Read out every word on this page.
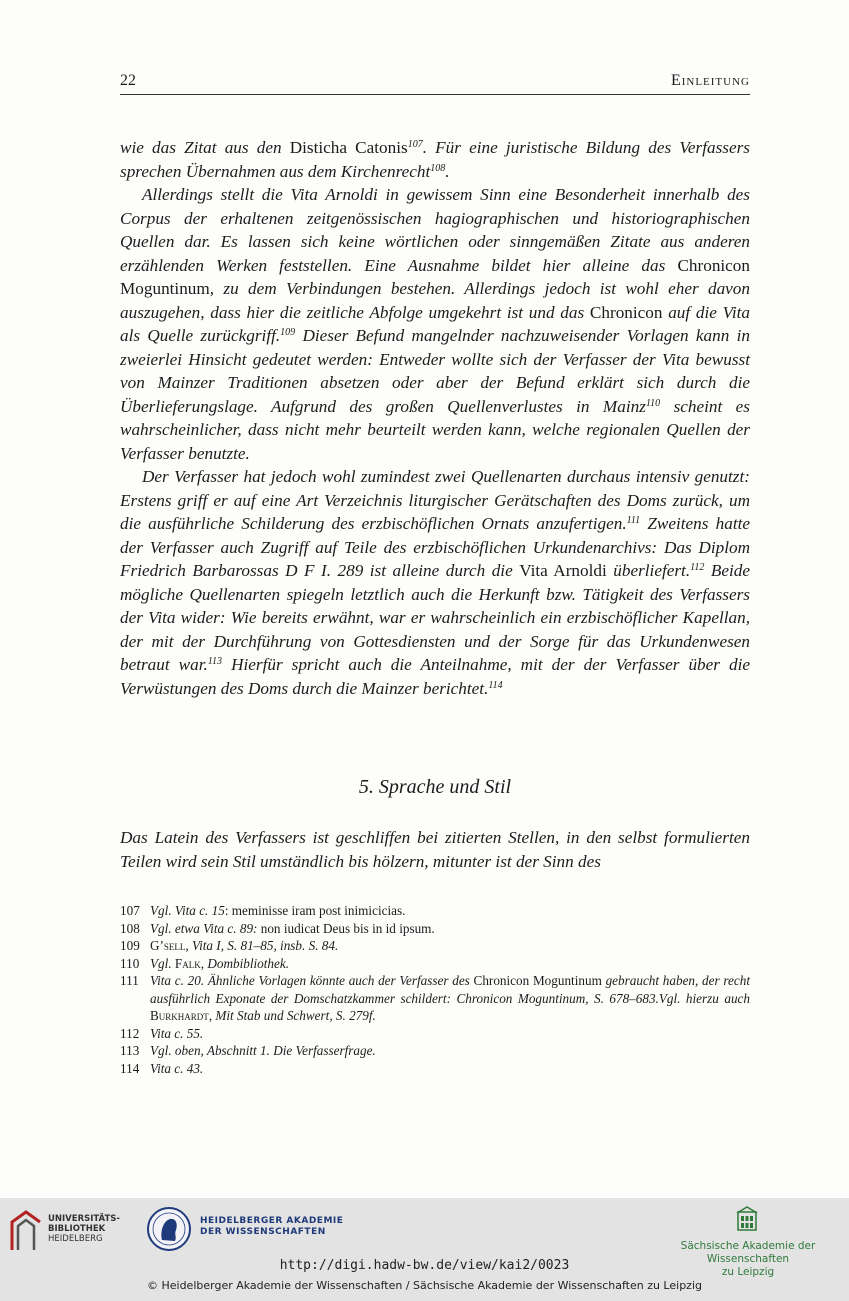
22	Einleitung

wie das Zitat aus den Disticha Catonis$^{107}$. Für eine juristische Bildung des Verfassers sprechen Übernahmen aus dem Kirchenrecht$^{108}$.

Allerdings stellt die Vita Arnoldi in gewissem Sinn eine Besonderheit innerhalb des Corpus der erhaltenen zeitgenössischen hagiographischen und historiographischen Quellen dar. Es lassen sich keine wörtlichen oder sinngemäßen Zitate aus anderen erzählenden Werken feststellen. Eine Ausnahme bildet hier alleine das Chronicon Moguntinum, zu dem Verbindungen bestehen. Allerdings jedoch ist wohl eher davon auszugehen, dass hier die zeitliche Abfolge umgekehrt ist und das Chronicon auf die Vita als Quelle zurückgriff.$^{109}$ Dieser Befund mangelnder nachzuweisender Vorlagen kann in zweierlei Hinsicht gedeutet werden: Entweder wollte sich der Verfasser der Vita bewusst von Mainzer Traditionen absetzen oder aber der Befund erklärt sich durch die Überlieferungslage. Aufgrund des großen Quellenverlustes in Mainz$^{110}$ scheint es wahrscheinlicher, dass nicht mehr beurteilt werden kann, welche regionalen Quellen der Verfasser benutzte.

Der Verfasser hat jedoch wohl zumindest zwei Quellenarten durchaus intensiv genutzt: Erstens griff er auf eine Art Verzeichnis liturgischer Gerätschaften des Doms zurück, um die ausführliche Schilderung des erzbischöflichen Ornats anzufertigen.$^{111}$ Zweitens hatte der Verfasser auch Zugriff auf Teile des erzbischöflichen Urkundenarchivs: Das Diplom Friedrich Barbarossas D F I. 289 ist alleine durch die Vita Arnoldi überliefert.$^{112}$ Beide mögliche Quellenarten spiegeln letztlich auch die Herkunft bzw. Tätigkeit des Verfassers der Vita wider: Wie bereits erwähnt, war er wahrscheinlich ein erzbischöflicher Kapellan, der mit der Durchführung von Gottesdiensten und der Sorge für das Urkundenwesen betraut war.$^{113}$ Hierfür spricht auch die Anteilnahme, mit der der Verfasser über die Verwüstungen des Doms durch die Mainzer berichtet.$^{114}$

5. Sprache und Stil

Das Latein des Verfassers ist geschliffen bei zitierten Stellen, in den selbst formulierten Teilen wird sein Stil umständlich bis hölzern, mitunter ist der Sinn des

107 Vgl. Vita c. 15: meminisse iram post inimicicias.
108 Vgl. etwa Vita c. 89: non iudicat Deus bis in id ipsum.
109 G’sell, Vita I, S. 81–85, insb. S. 84.
110 Vgl. Falk, Dombibliothek.
111 Vita c. 20. Ähnliche Vorlagen könnte auch der Verfasser des Chronicon Moguntinum gebraucht haben, der recht ausführlich Exponate der Domschatzkammer schildert: Chronicon Moguntinum, S. 678–683.Vgl. hierzu auch Burkhardt, Mit Stab und Schwert, S. 279f.
112 Vita c. 55.
113 Vgl. oben, Abschnitt 1. Die Verfasserfrage.
114 Vita c. 43.
UNIVERSITÄTS-
BIBLIOTHEK
HEIDELBERG
HEIDELBERGER AKADEMIE
DER WISSENSCHAFTEN
Sächsische Akademie der Wissenschaften
zu Leipzig
http://digi.hadw-bw.de/view/kai2/0023
© Heidelberger Akademie der Wissenschaften / Sächsische Akademie der Wissenschaften zu Leipzig
